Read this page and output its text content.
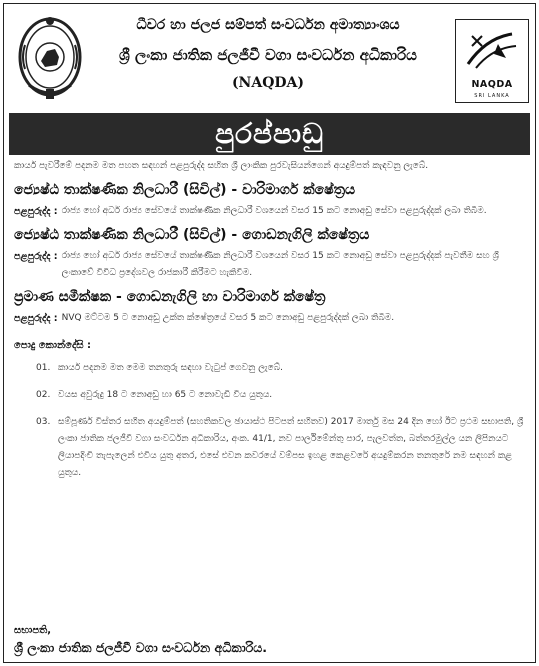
ධීවර හා ජලජ සම්පත් සංවර්ධන අමාත්‍යාංශය
ශ්‍රී ලංකා ජාතික ජලජීවී වගා සංවර්ධන අධිකාරිය
(NAQDA)	NAQDA
SRI LANKA
පුරප්පාඩු

කාර්ය පැවරීමේ පදනම මත පහත සඳහන් පළපුරුද්ද සහිත ශ්‍රී ලාංකික පුරවැසියන්ගෙන් අයදුම්පත් කැඳවනු ලැබේ.

ජ්‍යෙෂ්ඨ තාක්ෂණික නිලධාරී (සිවිල්) - වාරිමාර්ග ක්ෂේත්‍රය
පළපුරුද්ද : රාජ්‍ය හෝ අර්ධ රාජ්‍ය සේවයේ තාක්ෂණික නිලධාරී වශයෙන් වසර 15 කට නොඅඩු සේවා පළපුරුද්දක් ලබා තිබීම.
ජ්‍යෙෂ්ඨ තාක්ෂණික නිලධාරී (සිවිල්) - ගොඩනැගිලි ක්ෂේත්‍රය
පළපුරුද්ද : රාජ්‍ය හෝ අර්ධ රාජ්‍ය සේවයේ තාක්ෂණික නිලධාරී වශයෙන් වසර 15 කට නොඅඩු සේවා පළපුරුද්දක් පැවතීම සහ ශ්‍රී ලංකාවේ විවිධ ප්‍රදේශවල රාජකාරී කිරීමට හැකිවීම.
ප්‍රමාණ සමීක්ෂක - ගොඩනැගිලි හා වාරිමාර්ග ක්ෂේත්‍ර
පළපුරුද්ද : NVQ මට්ටම 5 ට නොඅඩු උක්ත ක්ෂේත්‍රයේ වසර 5 කට නොඅඩු පළපුරුද්දක් ලබා තිබීම.
පොදු කොන්දේසි :
01. කාර්ය පදනම මත මෙම තනතුරු සඳහා වැටුප් ගෙවනු ලැබේ.
02. වයස අවුරුදු 18 ට නොඅඩු හා 65 ට නොවැඩි විය යුතුය.
03. සම්පූර්ණ විස්තර සහිත අයදුම්පත් (සහතිකවල ඡායාස්ථ පිටපත් සහිතව) 2017 මාර්තු මස 24 දින හෝ ඊට ප්‍රථම සභාපති, ශ්‍රී ලංකා ජාතික ජලජීවී වගා සංවර්ධන අධිකාරිය, අංක. 41/1, නව පාර්ලිමේන්තු පාර, පැලවත්ත, බත්තරමුල්ල යන ලිපිනයට ලියාපදිංචි තැපැලෙන් එවිය යුතු අතර, එසේ එවන කවරයේ වම්පස ඉහළ කෙළවරේ අයදුම්කරන තනතුරේ නම සඳහන් කළ යුතුය.
සභාපති,
ශ්‍රී ලංකා ජාතික ජලජීවී වගා සංවර්ධන අධිකාරිය.
